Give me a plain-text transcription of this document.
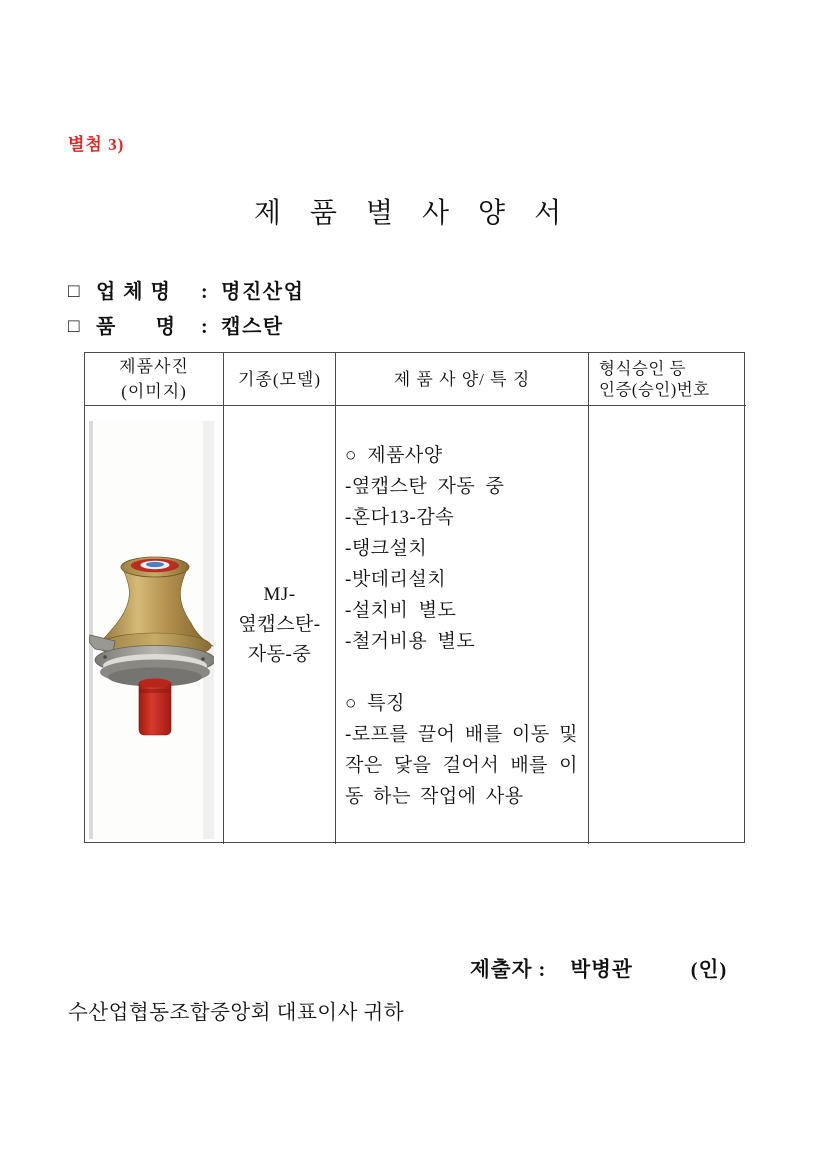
별첨 3)
제 품 별 사 양 서
□ 업 체 명 : 명진산업
□ 품      명 : 캡스탄
제품사진
(이미지)
기종(모델)	제 품 사 양/ 특 징
형식승인 등
인증(승인)번호
MJ-
옆캡스탄-
자동-중
○ 제품사양
-옆캡스탄 자동 중
-혼다13-감속
-탱크설치
-밧데리설치
-설치비 별도
-철거비용 별도
○ 특징

-로프를 끌어 배를 이동 및 작은 닻을 걸어서 배를 이동 하는 작업에 사용

제출자 : 박병관	(인)
수산업협동조합중앙회 대표이사 귀하
